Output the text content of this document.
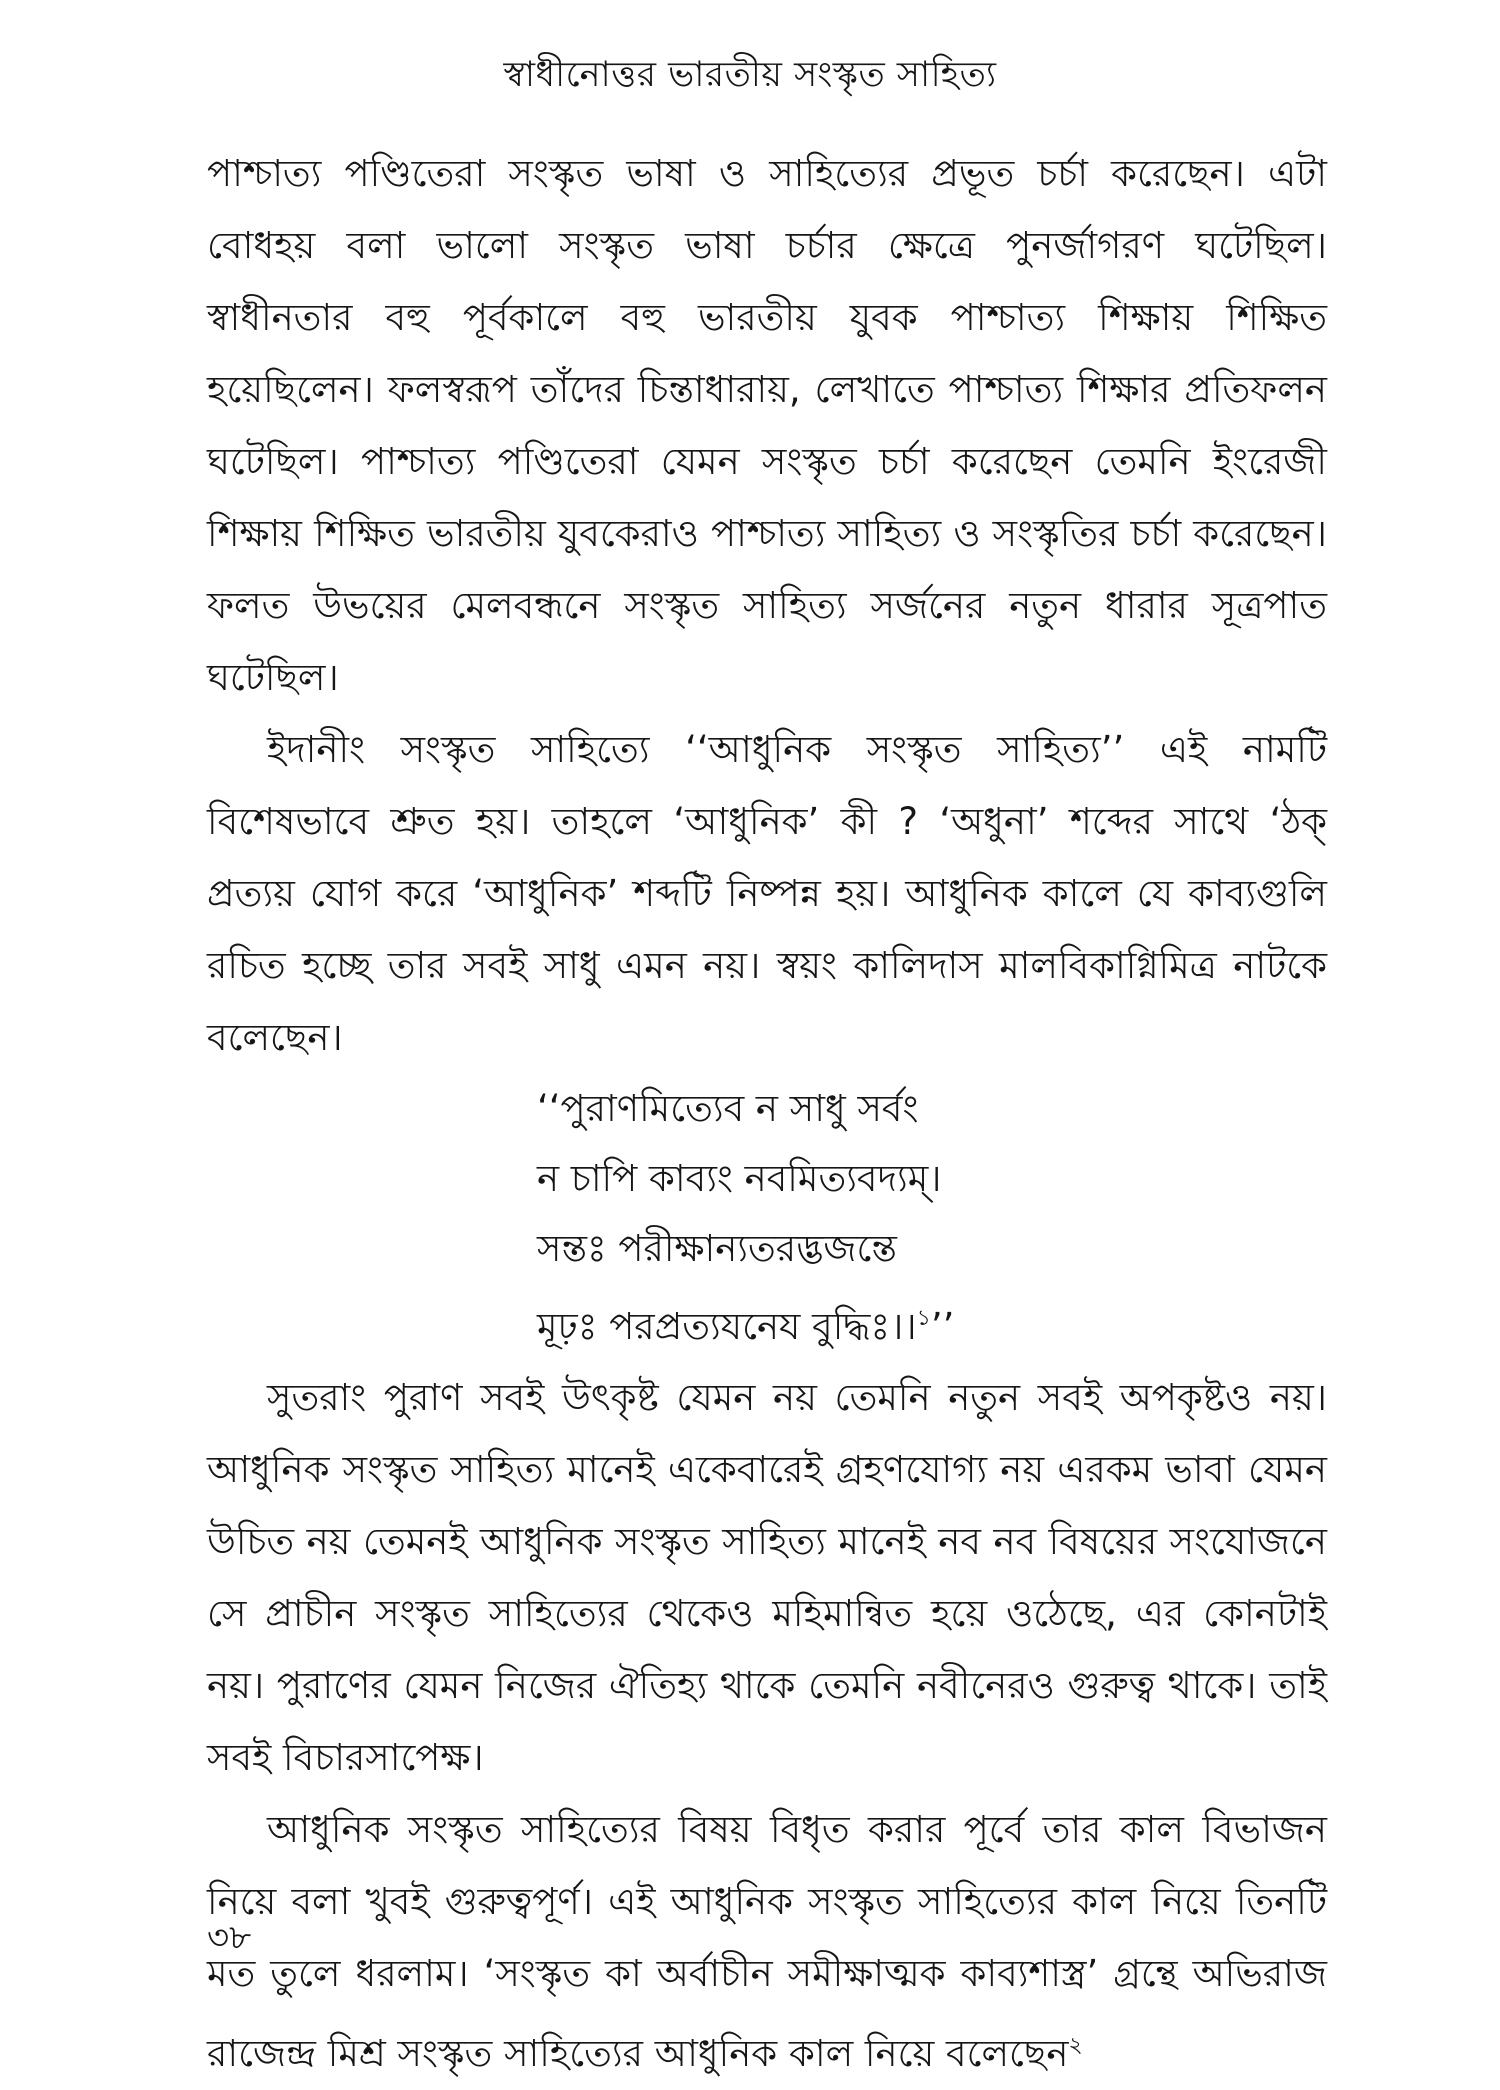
স্বাধীনোত্তর ভারতীয় সংস্কৃত সাহিত্য

পাশ্চাত্য পণ্ডিতেরা সংস্কৃত ভাষা ও সাহিত্যের প্রভূত চর্চা করেছেন। এটা বোধহয় বলা ভালো সংস্কৃত ভাষা চর্চার ক্ষেত্রে পুনর্জাগরণ ঘটেছিল। স্বাধীনতার বহু পূর্বকালে বহু ভারতীয় যুবক পাশ্চাত্য শিক্ষায় শিক্ষিত হয়েছিলেন। ফলস্বরূপ তাঁদের চিন্তাধারায়, লেখাতে পাশ্চাত্য শিক্ষার প্রতিফলন ঘটেছিল। পাশ্চাত্য পণ্ডিতেরা যেমন সংস্কৃত চর্চা করেছেন তেমনি ইংরেজী শিক্ষায় শিক্ষিত ভারতীয় যুবকেরাও পাশ্চাত্য সাহিত্য ও সংস্কৃতির চর্চা করেছেন। ফলত উভয়ের মেলবন্ধনে সংস্কৃত সাহিত্য সর্জনের নতুন ধারার সূত্রপাত ঘটেছিল।

ইদানীং সংস্কৃত সাহিত্যে ‘‘আধুনিক সংস্কৃত সাহিত্য’’ এই নামটি বিশেষভাবে শ্রুত হয়। তাহলে ‘আধুনিক’ কী ? ‘অধুনা’ শব্দের সাথে ‘ঠক্‌ প্রত্যয় যোগ করে ‘আধুনিক’ শব্দটি নিষ্পন্ন হয়। আধুনিক কালে যে কাব্যগুলি রচিত হচ্ছে তার সবই সাধু এমন নয়। স্বয়ং কালিদাস মালবিকাগ্নিমিত্র নাটকে বলেছেন।

‘‘পুরাণমিত্যেব ন সাধু সর্বং
ন চাপি কাব্যং নবমিত্যবদ্যম্‌।
সন্তঃ পরীক্ষান্যতরদ্ভজন্তে
মূঢ়ঃ পরপ্রত্যযনেয বুদ্ধিঃ।।$^১$’’

সুতরাং পুরাণ সবই উৎকৃষ্ট যেমন নয় তেমনি নতুন সবই অপকৃষ্টও নয়। আধুনিক সংস্কৃত সাহিত্য মানেই একেবারেই গ্রহণযোগ্য নয় এরকম ভাবা যেমন উচিত নয় তেমনই আধুনিক সংস্কৃত সাহিত্য মানেই নব নব বিষয়ের সংযোজনে সে প্রাচীন সংস্কৃত সাহিত্যের থেকেও মহিমান্বিত হয়ে ওঠেছে, এর কোনটাই নয়। পুরাণের যেমন নিজের ঐতিহ্য থাকে তেমনি নবীনেরও গুরুত্ব থাকে। তাই সবই বিচারসাপেক্ষ।

আধুনিক সংস্কৃত সাহিত্যের বিষয় বিধৃত করার পূর্বে তার কাল বিভাজন নিয়ে বলা খুবই গুরুত্বপূর্ণ। এই আধুনিক সংস্কৃত সাহিত্যের কাল নিয়ে তিনটি মত তুলে ধরলাম। ‘সংস্কৃত কা অর্বাচীন সমীক্ষাত্মক কাব্যশাস্ত্র’ গ্রন্থে অভিরাজ রাজেন্দ্র মিশ্র সংস্কৃত সাহিত্যের আধুনিক কাল নিয়ে বলেছেন$^২$

৩৮
